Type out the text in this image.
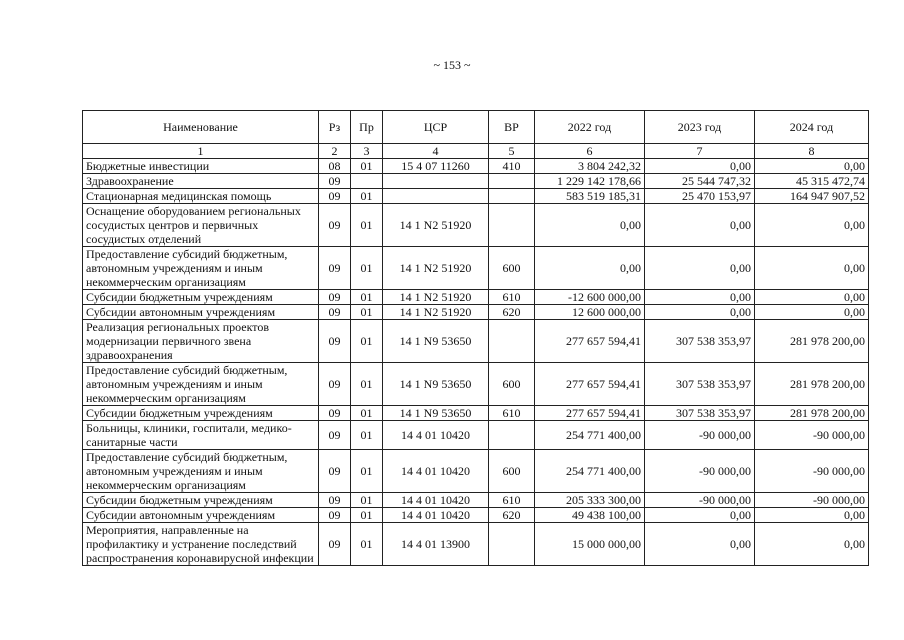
~ 153 ~
Наименование	Рз	Пр	ЦСР	ВР	2022 год	2023 год	2024 год
1	2	3	4	5	6	7	8
Бюджетные инвестиции	08	01	15 4 07 11260	410	3 804 242,32	0,00	0,00
Здравоохранение	09				1 229 142 178,66	25 544 747,32	45 315 472,74
Стационарная медицинская помощь	09	01			583 519 185,31	25 470 153,97	164 947 907,52
Оснащение оборудованием региональных сосудистых центров и первичных сосудистых отделений	09	01	14 1 N2 51920		0,00	0,00	0,00
Предоставление субсидий бюджетным, автономным учреждениям и иным некоммерческим организациям	09	01	14 1 N2 51920	600	0,00	0,00	0,00
Субсидии бюджетным учреждениям	09	01	14 1 N2 51920	610	-12 600 000,00	0,00	0,00
Субсидии автономным учреждениям	09	01	14 1 N2 51920	620	12 600 000,00	0,00	0,00
Реализация региональных проектов модернизации первичного звена здравоохранения	09	01	14 1 N9 53650		277 657 594,41	307 538 353,97	281 978 200,00
Предоставление субсидий бюджетным, автономным учреждениям и иным некоммерческим организациям	09	01	14 1 N9 53650	600	277 657 594,41	307 538 353,97	281 978 200,00
Субсидии бюджетным учреждениям	09	01	14 1 N9 53650	610	277 657 594,41	307 538 353,97	281 978 200,00
Больницы, клиники, госпитали, медико-санитарные части	09	01	14 4 01 10420		254 771 400,00	-90 000,00	-90 000,00
Предоставление субсидий бюджетным, автономным учреждениям и иным некоммерческим организациям	09	01	14 4 01 10420	600	254 771 400,00	-90 000,00	-90 000,00
Субсидии бюджетным учреждениям	09	01	14 4 01 10420	610	205 333 300,00	-90 000,00	-90 000,00
Субсидии автономным учреждениям	09	01	14 4 01 10420	620	49 438 100,00	0,00	0,00
Мероприятия, направленные на профилактику и устранение последствий распространения коронавирусной инфекции	09	01	14 4 01 13900		15 000 000,00	0,00	0,00
